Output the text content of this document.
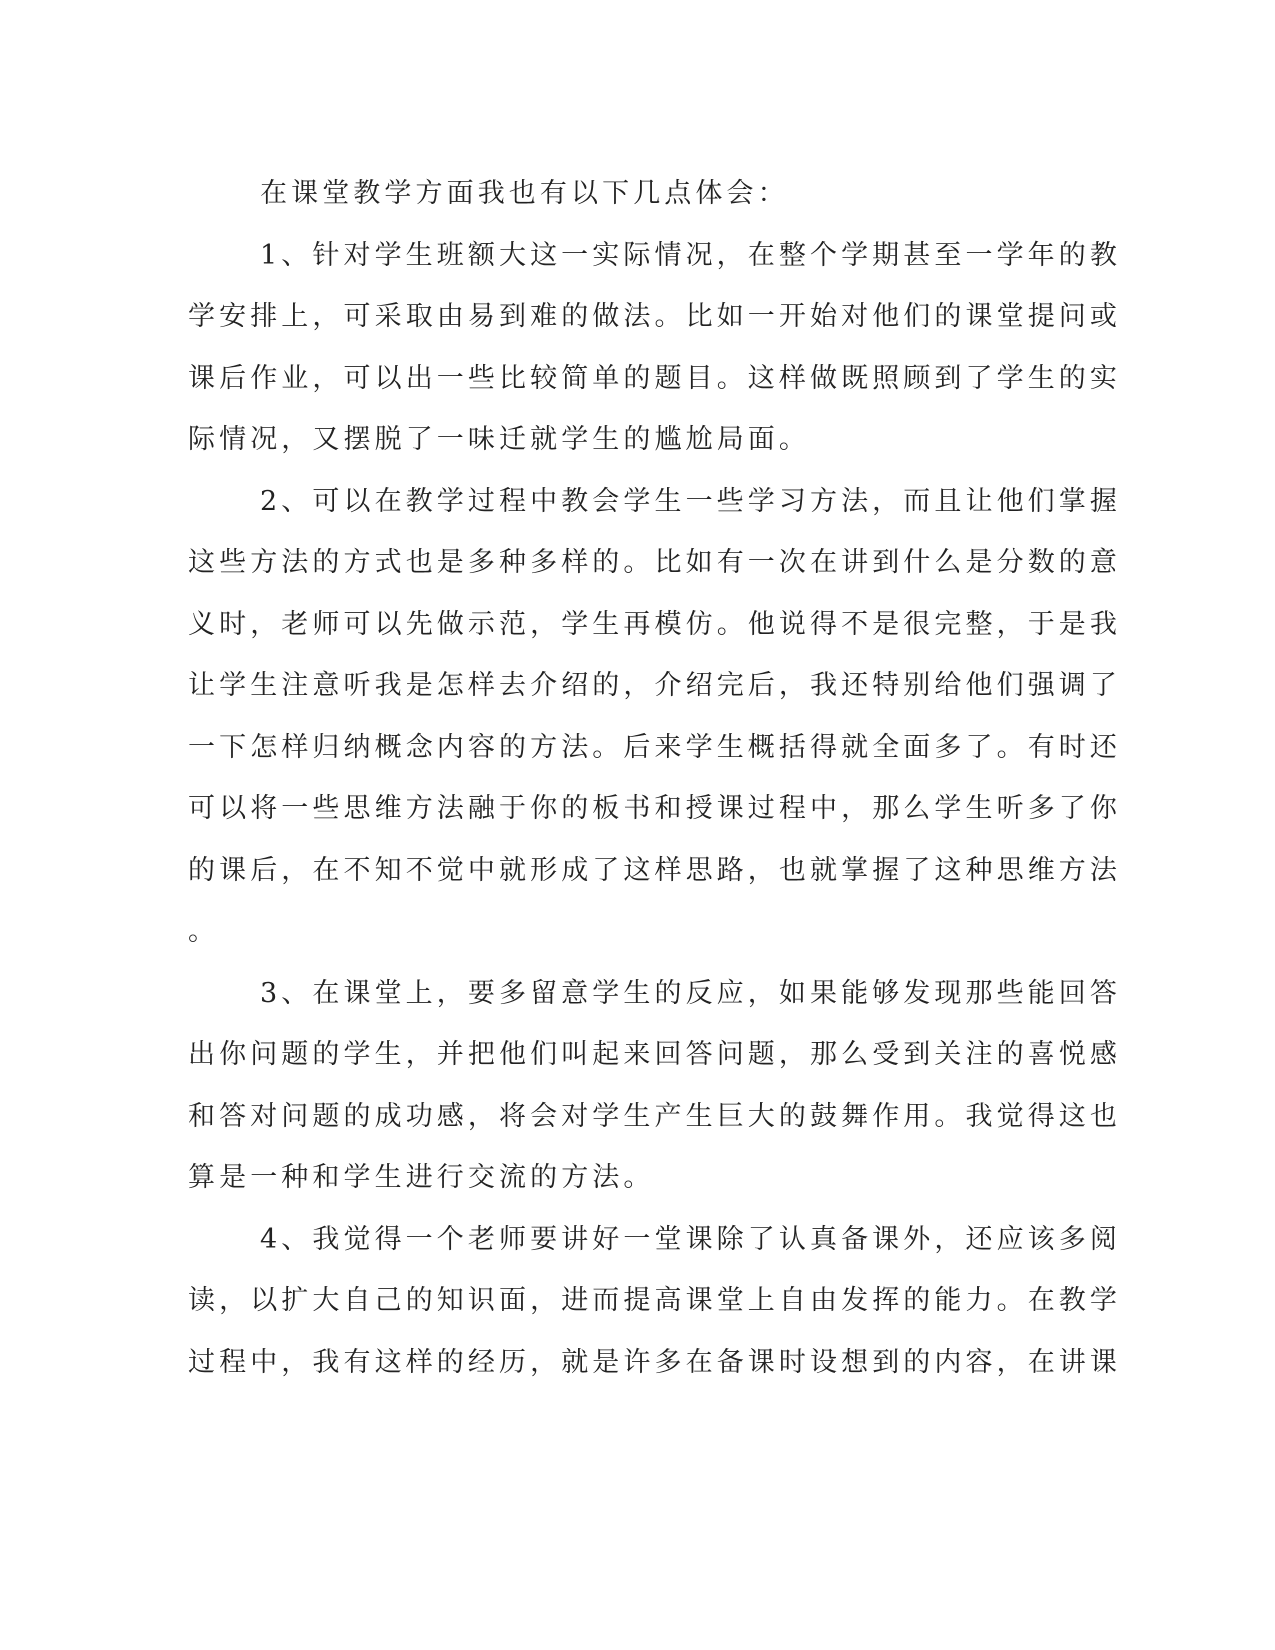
在课堂教学方面我也有以下几点体会：
1、针对学生班额大这一实际情况，在整个学期甚至一学年的教
学安排上，可采取由易到难的做法。比如一开始对他们的课堂提问或
课后作业，可以出一些比较简单的题目。这样做既照顾到了学生的实
际情况，又摆脱了一味迁就学生的尴尬局面。
2、可以在教学过程中教会学生一些学习方法，而且让他们掌握
这些方法的方式也是多种多样的。比如有一次在讲到什么是分数的意
义时，老师可以先做示范，学生再模仿。他说得不是很完整，于是我
让学生注意听我是怎样去介绍的，介绍完后，我还特别给他们强调了
一下怎样归纳概念内容的方法。后来学生概括得就全面多了。有时还
可以将一些思维方法融于你的板书和授课过程中，那么学生听多了你
的课后，在不知不觉中就形成了这样思路，也就掌握了这种思维方法
。
3、在课堂上，要多留意学生的反应，如果能够发现那些能回答
出你问题的学生，并把他们叫起来回答问题，那么受到关注的喜悦感
和答对问题的成功感，将会对学生产生巨大的鼓舞作用。我觉得这也
算是一种和学生进行交流的方法。
4、我觉得一个老师要讲好一堂课除了认真备课外，还应该多阅
读，以扩大自己的知识面，进而提高课堂上自由发挥的能力。在教学
过程中，我有这样的经历，就是许多在备课时设想到的内容，在讲课
